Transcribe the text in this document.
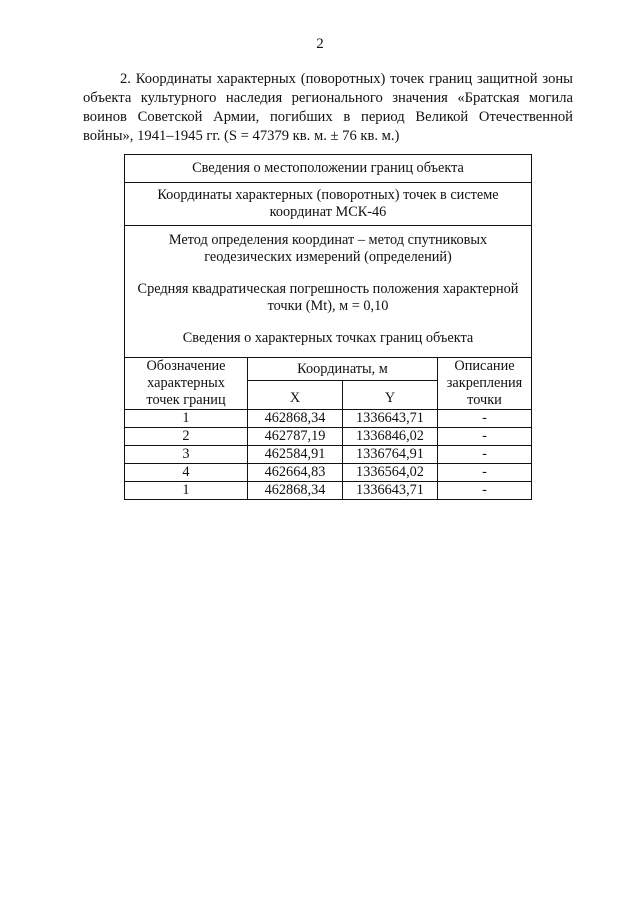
2

2. Координаты характерных (поворотных) точек границ защитной зоны объекта культурного наследия регионального значения «Братская могила воинов Советской Армии, погибших в период Великой Отечественной войны», 1941–1945 гг. (S = 47379 кв. м. ± 76 кв. м.)

Сведения о местоположении границ объекта			
Координаты характерных (поворотных) точек в системе координат МСК-46			

Метод определения координат – метод спутниковых геодезических измерений (определений)

Средняя квадратическая погрешность положения характерной точки (Mt), м = 0,10

Сведения о характерных точках границ объекта			

Обозначение характерных точек границ	Координаты, м		Описание закрепления точки
	X	Y	
1	462868,34	1336643,71	-
2	462787,19	1336846,02	-
3	462584,91	1336764,91	-
4	462664,83	1336564,02	-
1	462868,34	1336643,71	-
